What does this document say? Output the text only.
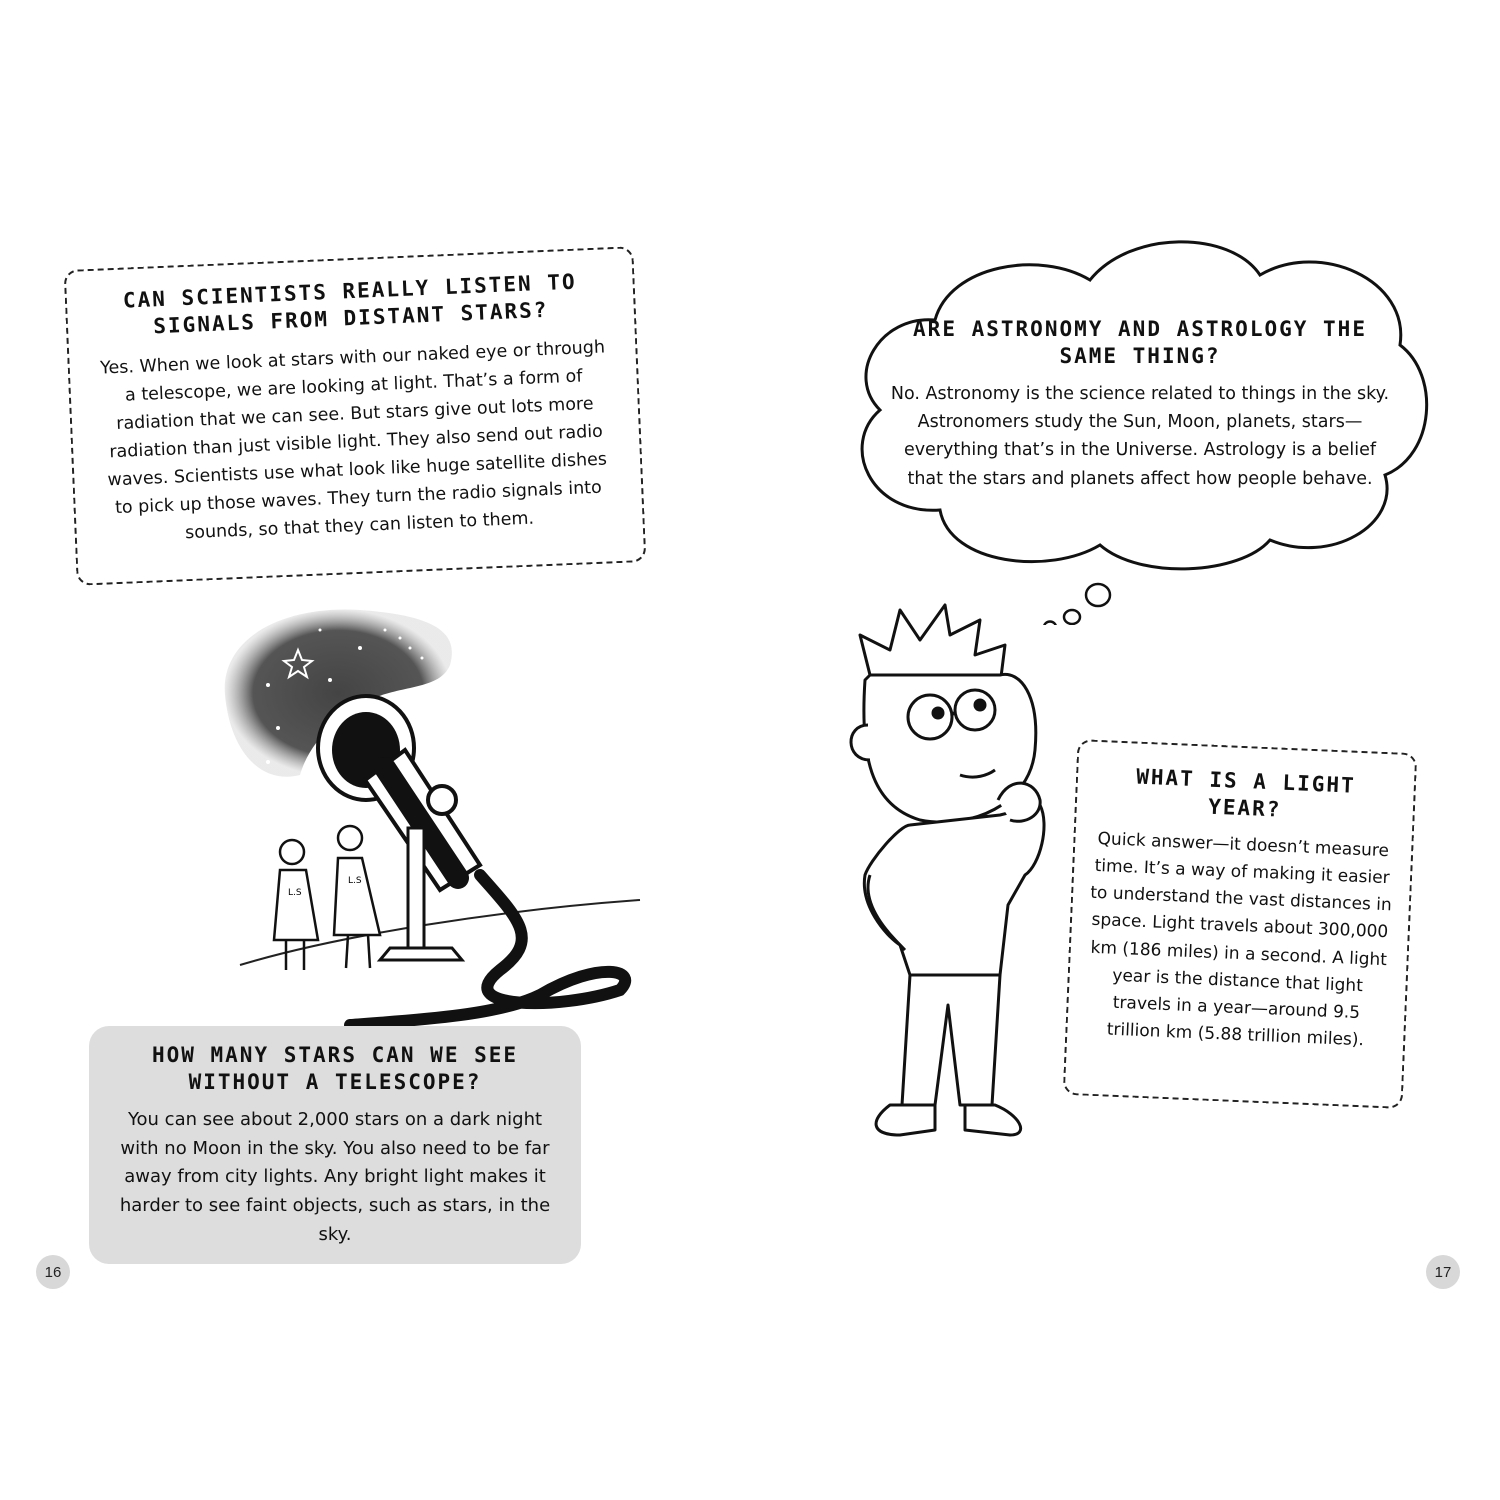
CAN SCIENTISTS REALLY LISTEN TO SIGNALS FROM DISTANT STARS?

Yes. When we look at stars with our naked eye or through a telescope, we are looking at light. That’s a form of radiation that we can see. But stars give out lots more radiation than just visible light. They also send out radio waves. Scientists use what look like huge satellite dishes to pick up those waves. They turn the radio signals into sounds, so that they can listen to them.

L.S
L.S

HOW MANY STARS CAN WE SEE WITHOUT A TELESCOPE?

You can see about 2,000 stars on a dark night with no Moon in the sky. You also need to be far away from city lights. Any bright light makes it harder to see faint objects, such as stars, in the sky.

16

ARE ASTRONOMY AND ASTROLOGY THE SAME THING?

No. Astronomy is the science related to things in the sky. Astronomers study the Sun, Moon, planets, stars—everything that’s in the Universe. Astrology is a belief that the stars and planets affect how people behave.

WHAT IS A LIGHT YEAR?

Quick answer—it doesn’t measure time. It’s a way of making it easier to understand the vast distances in space. Light travels about 300,000 km (186 miles) in a second. A light year is the distance that light travels in a year—around 9.5 trillion km (5.88 trillion miles).

17
